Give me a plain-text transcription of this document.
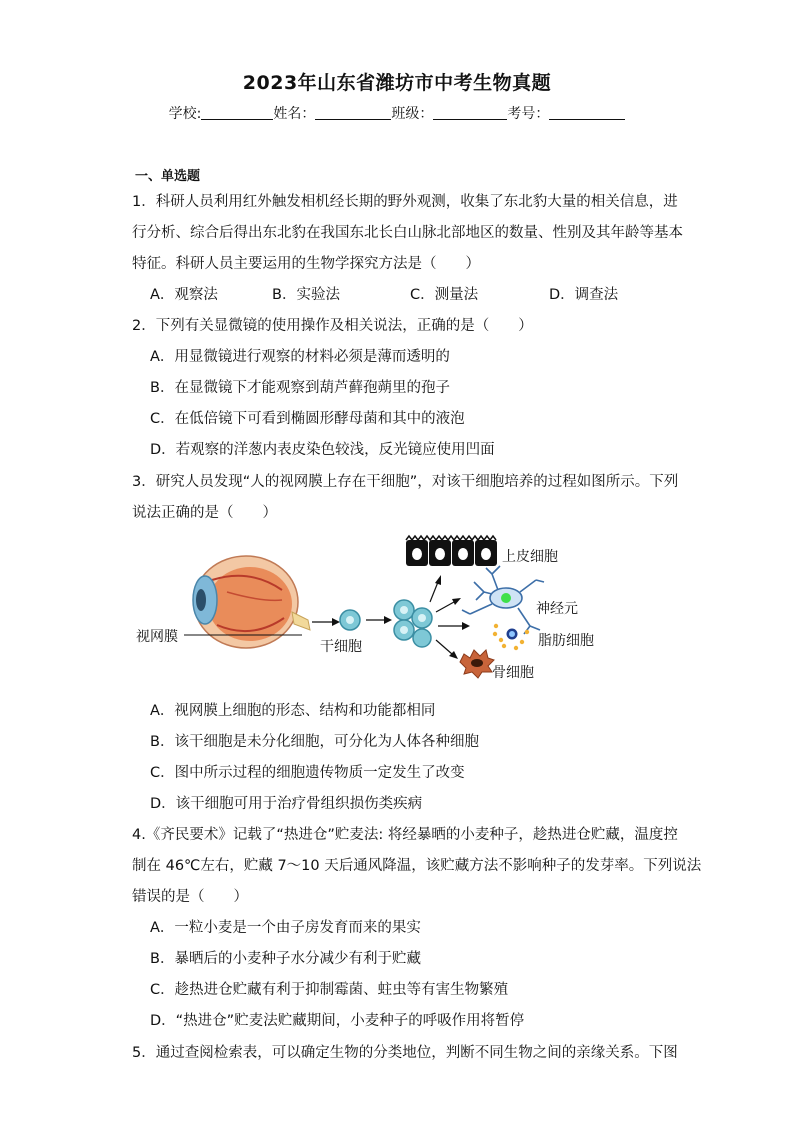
2023年山东省潍坊市中考生物真题
学校:	姓名：	班级：	考号：
一、单选题
1．科研人员利用红外触发相机经长期的野外观测，收集了东北豹大量的相关信息，进
行分析、综合后得出东北豹在我国东北长白山脉北部地区的数量、性别及其年龄等基本
特征。科研人员主要运用的生物学探究方法是（　　）
A．观察法	B．实验法	C．测量法	D．调查法
2．下列有关显微镜的使用操作及相关说法，正确的是（　　）
A．用显微镜进行观察的材料必须是薄而透明的
B．在显微镜下才能观察到葫芦藓孢蒴里的孢子
C．在低倍镜下可看到椭圆形酵母菌和其中的液泡
D．若观察的洋葱内表皮染色较浅，反光镜应使用凹面
3．研究人员发现“人的视网膜上存在干细胞”，对该干细胞培养的过程如图所示。下列
说法正确的是（　　）
视网膜
干细胞
上皮细胞
神经元
脂肪细胞
骨细胞
A．视网膜上细胞的形态、结构和功能都相同
B．该干细胞是未分化细胞，可分化为人体各种细胞
C．图中所示过程的细胞遗传物质一定发生了改变
D．该干细胞可用于治疗骨组织损伤类疾病
4.《齐民要术》记载了“热进仓”贮麦法: 将经暴晒的小麦种子，趁热进仓贮藏，温度控
制在 46℃左右，贮藏 7～10 天后通风降温，该贮藏方法不影响种子的发芽率。下列说法
错误的是（　　）
A．一粒小麦是一个由子房发育而来的果实
B．暴晒后的小麦种子水分减少有利于贮藏
C．趁热进仓贮藏有利于抑制霉菌、蛀虫等有害生物繁殖
D．“热进仓”贮麦法贮藏期间，小麦种子的呼吸作用将暂停
5．通过查阅检索表，可以确定生物的分类地位，判断不同生物之间的亲缘关系。下图
